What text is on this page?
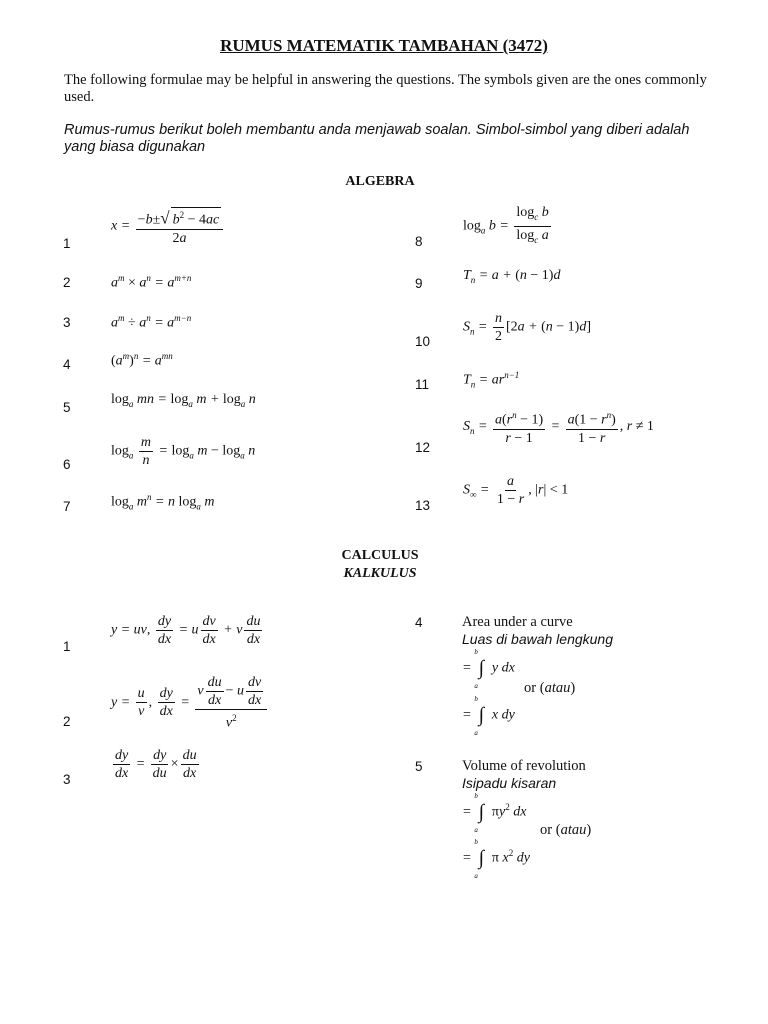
RUMUS MATEMATIK TAMBAHAN (3472)
The following formulae may be helpful in answering the questions. The symbols given are the ones commonly used.
Rumus-rumus berikut boleh membantu anda menjawab soalan. Simbol-simbol yang diberi adalah yang biasa digunakan
ALGEBRA
1
2
3
4
5
6
7
8
9
10
11
12
13
$x = \frac{-b\pm√ b^2 - 4ac}{2a}$
$a^m \times a^n = a^{m+n}$
$a^m \div a^n = a^{m-n}$
$(a^m)^n = a^{mn}$
$\log_a$ mn = $\log_a m + \log_a n$
$\log_a \frac{m}{n} = \log_a m - \log_a n$
$\log_a m^n = n$ $\log_a m$
$\log_a b = \frac{\log_c b}{\log_c a}$
$T_n = a + (n - 1)d$
$S_n = \frac{n}{2} [2a + (n - 1)d]$
$T_n = ar^{n-1}$
$S_n = \frac{a(r^n - 1)}{r - 1} = \frac{a(1 - r^n)}{1 - r}$ , r ≠ 1
$S_\infty = \frac{a}{1 - r}$ , |r| < 1
CALCULUS
KALKULUS
1
2
3
4
5
y = uv, $\frac{dy}{dx} = u \frac{dv}{dx} + v \frac{du}{dx}$
$y = \frac{u}{v}$ , $\frac{dy}{dx} = \frac{v \frac{du}{dx} - u \frac{dv}{dx}}{v^2}$
$\frac{dy}{dx} = \frac{dy}{du} \times \frac{du}{dx}$
Area under a curve
Luas di bawah lengkung
= ∫
b
a
y dx
or (atau)
= ∫
b
a
x dy
Volume of revolution
Isipadu kisaran
= ∫
b
a
$\pi y^2$ dx
or (atau)
= ∫
b
a
π $x^2$ dy
